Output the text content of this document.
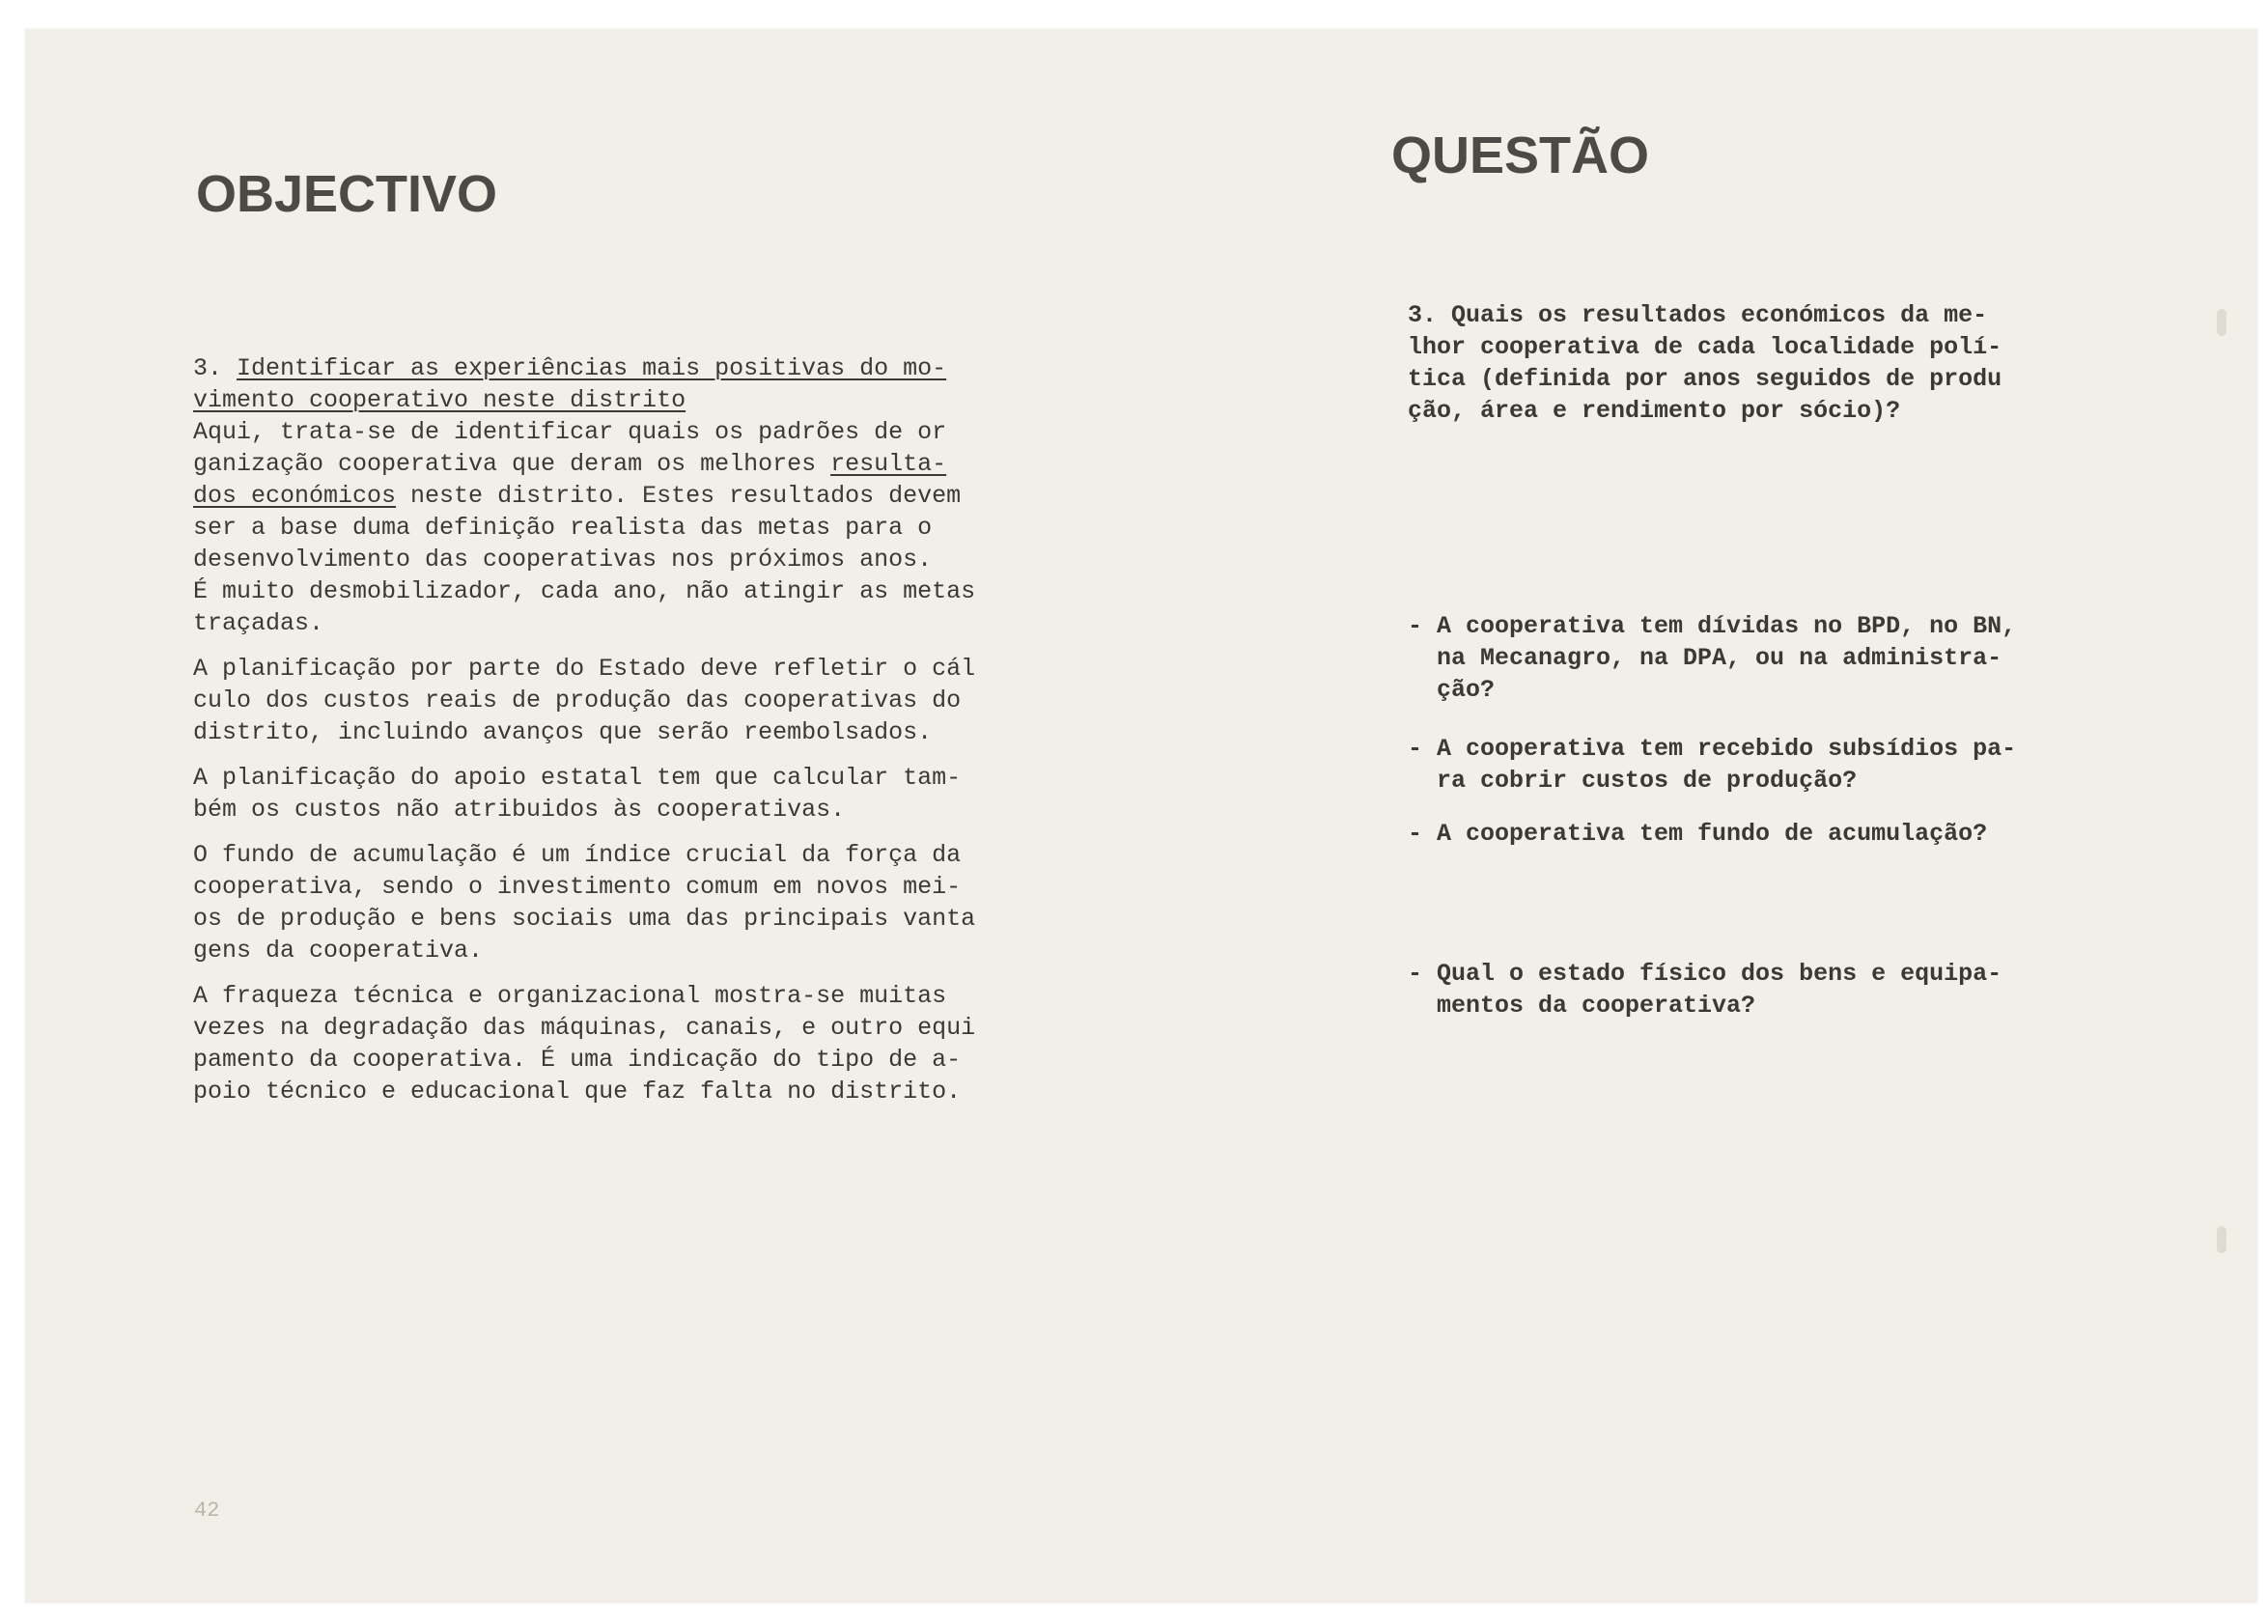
OBJECTIVO
QUESTÃO

3. Identificar as experiências mais positivas do mo-

vimento cooperativo neste distrito

Aqui, trata-se de identificar quais os padrões de or
ganização cooperativa que deram os melhores resulta-
dos económicos neste distrito. Estes resultados devem
ser a base duma definição realista das metas para o
desenvolvimento das cooperativas nos próximos anos.
É muito desmobilizador, cada ano, não atingir as metas
traçadas.
A planificação por parte do Estado deve refletir o cál
culo dos custos reais de produção das cooperativas do
distrito, incluindo avanços que serão reembolsados.
A planificação do apoio estatal tem que calcular tam-
bém os custos não atribuidos às cooperativas.
O fundo de acumulação é um índice crucial da força da
cooperativa, sendo o investimento comum em novos mei-
os de produção e bens sociais uma das principais vanta
gens da cooperativa.
A fraqueza técnica e organizacional mostra-se muitas
vezes na degradação das máquinas, canais, e outro equi
pamento da cooperativa. É uma indicação do tipo de a-
poio técnico e educacional que faz falta no distrito.
3. Quais os resultados económicos da me-
lhor cooperativa de cada localidade polí-
tica (definida por anos seguidos de produ
ção, área e rendimento por sócio)?
- A cooperativa tem dívidas no BPD, no BN,
na Mecanagro, na DPA, ou na administra-
ção?
- A cooperativa tem recebido subsídios pa-
ra cobrir custos de produção?
- A cooperativa tem fundo de acumulação?
- Qual o estado físico dos bens e equipa-
mentos da cooperativa?
42
